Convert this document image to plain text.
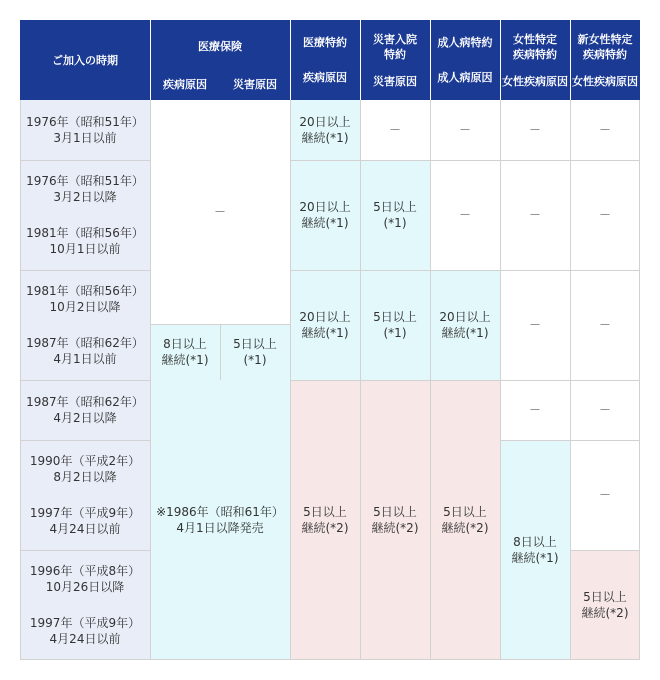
ご加入の時期
医療保険
疾病原因 災害原因
医療特約
疾病原因
災害入院
特約
災害原因
成人病特約
成人病原因
女性特定
疾病特約
女性疾病原因
新女性特定
疾病特約
女性疾病原因
1976年（昭和51年）
3月1日以前
1976年（昭和51年）
3月2日以降
1981年（昭和56年）
10月1日以前
1981年（昭和56年）
10月2日以降
1987年（昭和62年）
4月1日以前
1987年（昭和62年）
4月2日以降
1990年（平成2年）
8月2日以降
1997年（平成9年）
4月24日以前
1996年（平成8年）
10月26日以降
1997年（平成9年）
4月24日以前
－
8日以上
継続(*1)
5日以上
(*1)
※1986年（昭和61年）
4月1日以降発売
20日以上
継続(*1)
20日以上
継続(*1)
20日以上
継続(*1)
5日以上
継続(*2)
－
5日以上
(*1)
5日以上
(*1)
5日以上
継続(*2)
－
－
20日以上
継続(*1)
5日以上
継続(*2)
－
－
－
－
8日以上
継続(*1)
－
－
－
－
－
5日以上
継続(*2)
